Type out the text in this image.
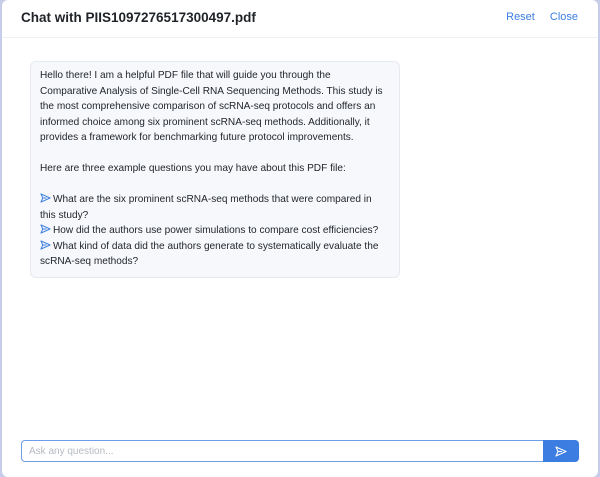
Chat with PIIS1097276517300497.pdf	Reset Close

Hello there! I am a helpful PDF file that will guide you through the Comparative Analysis of Single-Cell RNA Sequencing Methods. This study is the most comprehensive comparison of scRNA-seq protocols and offers an informed choice among six prominent scRNA-seq methods. Additionally, it provides a framework for benchmarking future protocol improvements.

Here are three example questions you may have about this PDF file:

What are the six prominent scRNA-seq methods that were compared in this study?
How did the authors use power simulations to compare cost efficiencies?
What kind of data did the authors generate to systematically evaluate the scRNA-seq methods?
Ask any question...
